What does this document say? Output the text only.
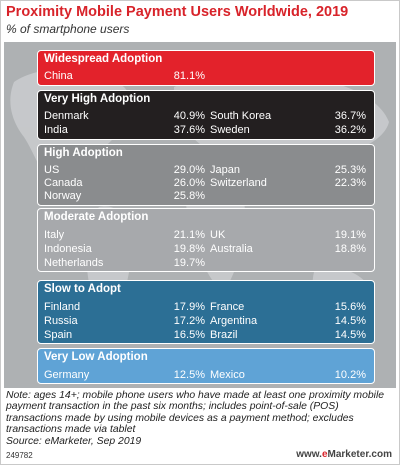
Proximity Mobile Payment Users Worldwide, 2019
% of smartphone users
Widespread Adoption
China	81.1%
Very High Adoption
Denmark	40.9% South Korea	36.7%
India	37.6% Sweden	36.2%
High Adoption
US	29.0% Japan	25.3%
Canada	26.0% Switzerland	22.3%
Norway	25.8%
Moderate Adoption
Italy	21.1% UK	19.1%
Indonesia	19.8% Australia	18.8%
Netherlands	19.7%
Slow to Adopt
Finland	17.9% France	15.6%
Russia	17.2% Argentina	14.5%
Spain	16.5% Brazil	14.5%
Very Low Adoption
Germany	12.5% Mexico	10.2%
Note: ages 14+; mobile phone users who have made at least one proximity mobile payment transaction in the past six months; includes point-of-sale (POS) transactions made by using mobile devices as a payment method; excludes transactions made via tablet
Source: eMarketer, Sep 2019
249782	www.eMarketer.com
